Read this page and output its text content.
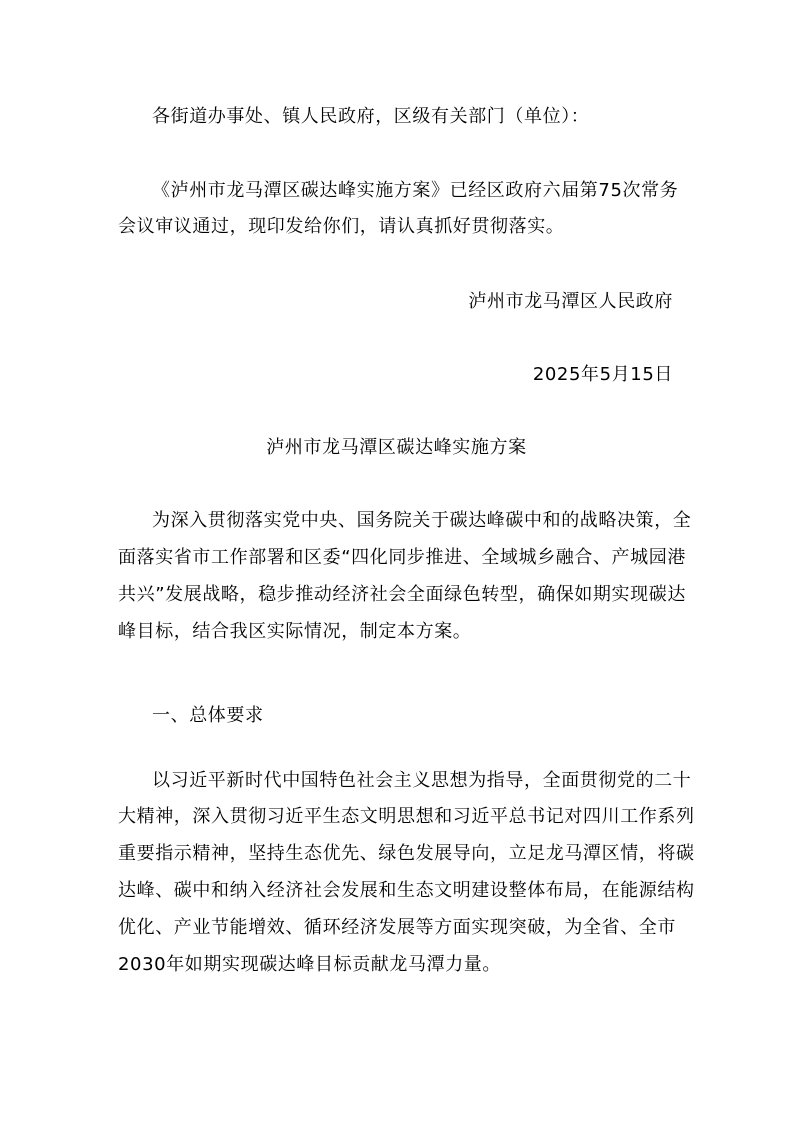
各街道办事处、镇人民政府，区级有关部门（单位）：
《泸州市龙马潭区碳达峰实施方案》已经区政府六届第75次常务
会议审议通过，现印发给你们，请认真抓好贯彻落实。
泸州市龙马潭区人民政府
2025年5月15日
泸州市龙马潭区碳达峰实施方案
为深入贯彻落实党中央、国务院关于碳达峰碳中和的战略决策，全
面落实省市工作部署和区委“四化同步推进、全域城乡融合、产城园港
共兴”发展战略，稳步推动经济社会全面绿色转型，确保如期实现碳达
峰目标，结合我区实际情况，制定本方案。
一、总体要求
以习近平新时代中国特色社会主义思想为指导，全面贯彻党的二十
大精神，深入贯彻习近平生态文明思想和习近平总书记对四川工作系列
重要指示精神，坚持生态优先、绿色发展导向，立足龙马潭区情，将碳
达峰、碳中和纳入经济社会发展和生态文明建设整体布局，在能源结构
优化、产业节能增效、循环经济发展等方面实现突破，为全省、全市
2030年如期实现碳达峰目标贡献龙马潭力量。
